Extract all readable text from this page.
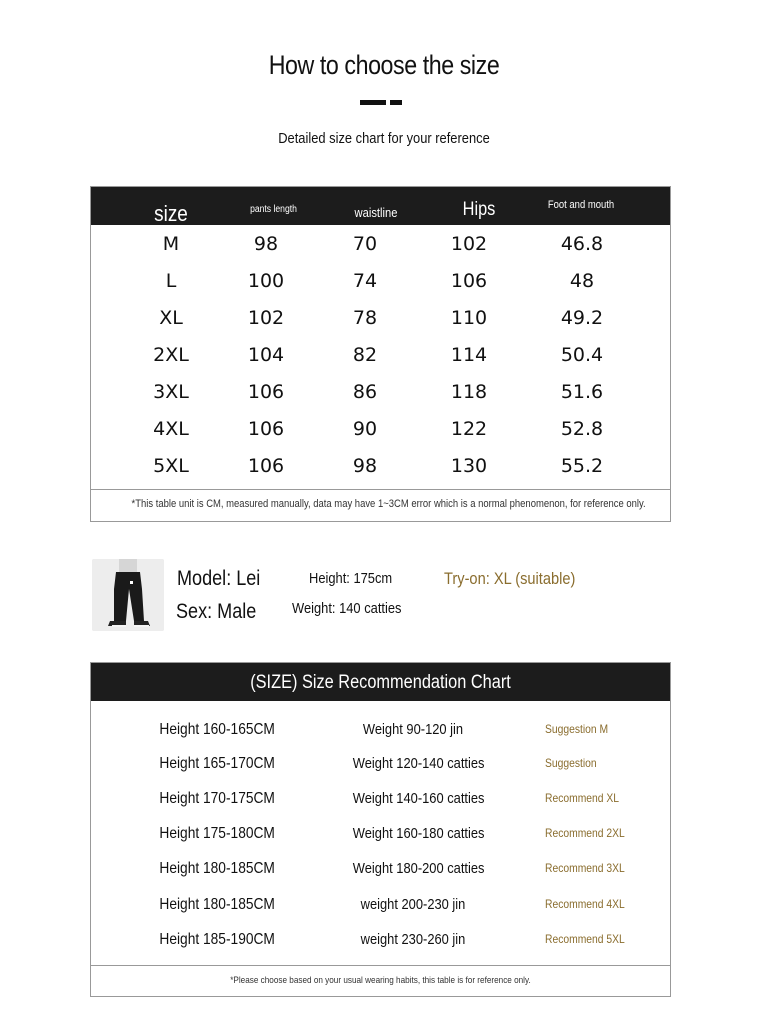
How to choose the size
Detailed size chart for your reference
size	pants length	waistline	Hips	Foot and mouth
M	98	70	102	46.8
L	100	74	106	48
XL	102	78	110	49.2
2XL	104	82	114	50.4
3XL	106	86	118	51.6
4XL	106	90	122	52.8
5XL	106	98	130	55.2
*This table unit is CM, measured manually, data may have 1~3CM error which is a normal phenomenon, for reference only.
Model: Lei
Sex: Male
Height: 175cm
Weight: 140 catties
Try-on: XL (suitable)
(SIZE) Size Recommendation Chart
Height 160-165CM	Weight 90-120 jin	Suggestion M
Height 165-170CM	Weight 120-140 catties	Suggestion
Height 170-175CM	Weight 140-160 catties	Recommend XL
Height 175-180CM	Weight 160-180 catties	Recommend 2XL
Height 180-185CM	Weight 180-200 catties	Recommend 3XL
Height 180-185CM	weight 200-230 jin	Recommend 4XL
Height 185-190CM	weight 230-260 jin	Recommend 5XL
*Please choose based on your usual wearing habits, this table is for reference only.
